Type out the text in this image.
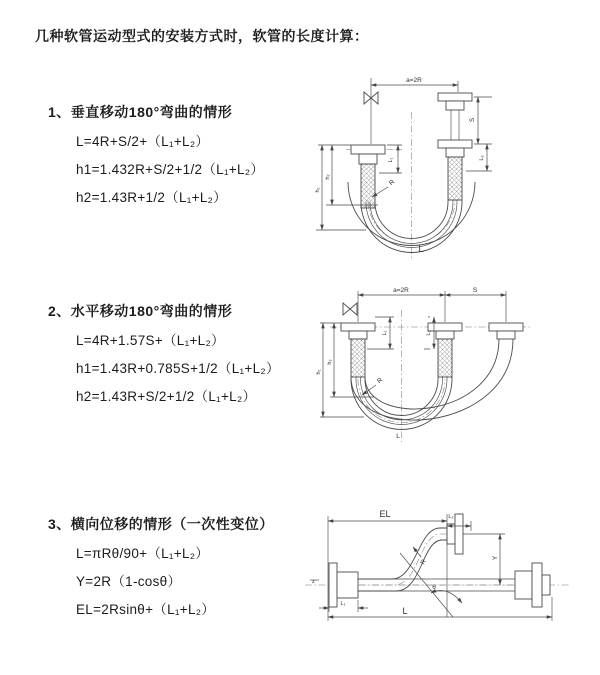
几种软管运动型式的安装方式时，软管的长度计算：
1、垂直移动180°弯曲的情形
L=4R+S/2+（L₁+L₂）
h1=1.432R+S/2+1/2（L₁+L₂）
h2=1.43R+1/2（L₁+L₂）
2、水平移动180°弯曲的情形
L=4R+1.57S+（L₁+L₂）
h1=1.43R+0.785S+1/2（L₁+L₂）
h2=1.43R+S/2+1/2（L₁+L₂）
3、横向位移的情形（一次性变位）
L=πRθ/90+（L₁+L₂）
Y=2R（1-cosθ）
EL=2Rsinθ+（L₁+L₂）
a=2R
L₁
S
L₂
h₁
h₂
R
L
a=2R	S
L₁	L₂
h₁
h₂
R
L
z
θ
R
EL	L₂
Y
L₁
L
